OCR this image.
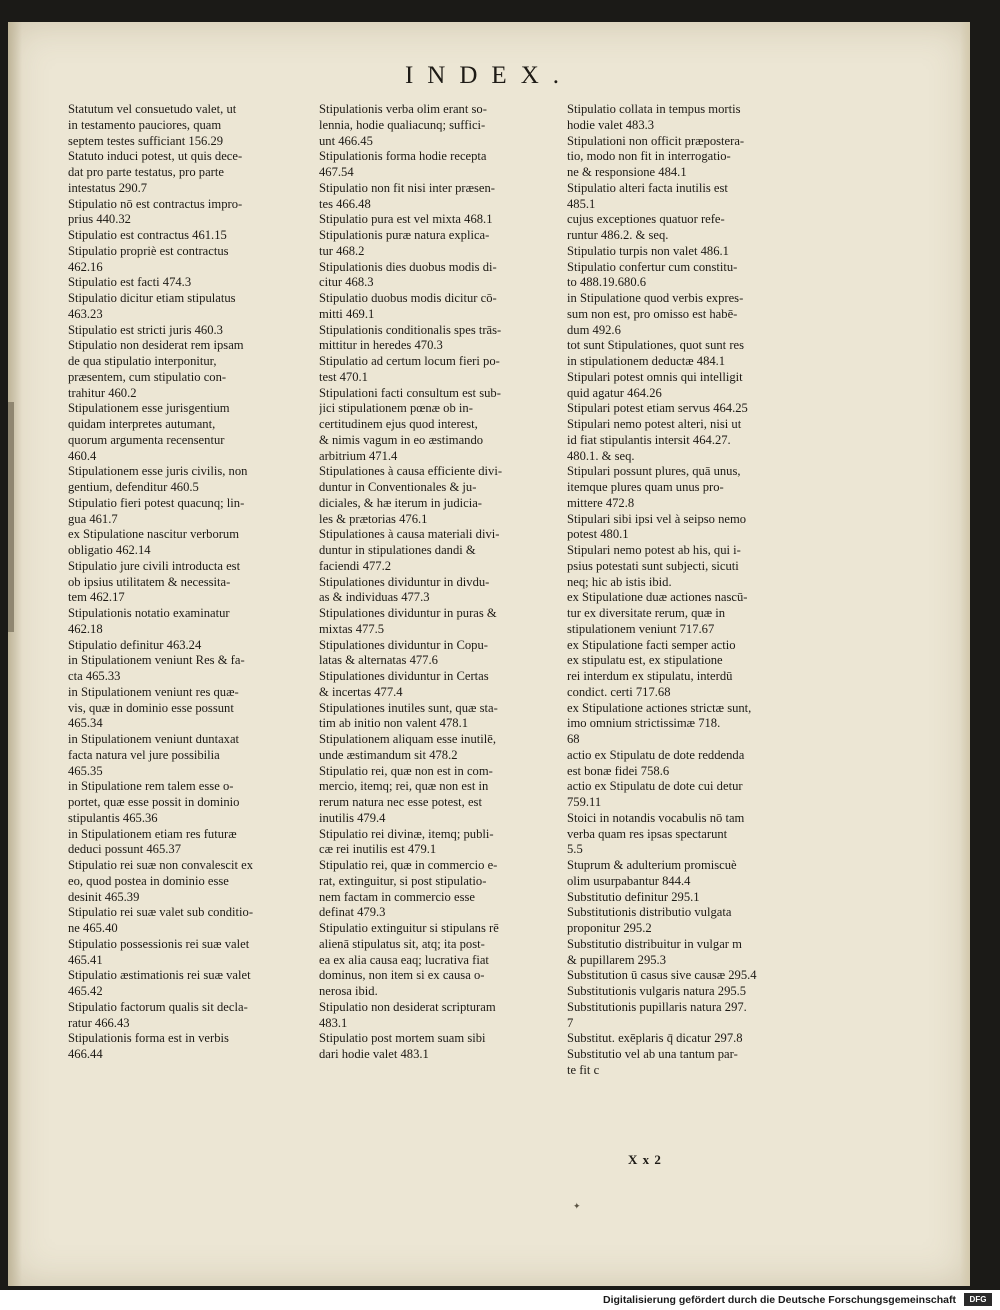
INDEX.
Statutum vel consuetudo valet, ut
in testamento pauciores, quam
septem testes sufficiant 156.29
Statuto induci potest, ut quis dece-
dat pro parte testatus, pro parte
intestatus 290.7
Stipulatio nō est contractus impro-
prius 440.32
Stipulatio est contractus 461.15
Stipulatio propriè est contractus
462.16
Stipulatio est facti 474.3
Stipulatio dicitur etiam stipulatus
463.23
Stipulatio est stricti juris 460.3
Stipulatio non desiderat rem ipsam
de qua stipulatio interponitur,
præsentem, cum stipulatio con-
trahitur 460.2
Stipulationem esse jurisgentium
quidam interpretes autumant,
quorum argumenta recensentur
460.4
Stipulationem esse juris civilis, non
gentium, defenditur 460.5
Stipulatio fieri potest quacunq; lin-
gua 461.7
ex Stipulatione nascitur verborum
obligatio 462.14
Stipulatio jure civili introducta est
ob ipsius utilitatem & necessita-
tem 462.17
Stipulationis notatio examinatur
462.18
Stipulatio definitur 463.24
in Stipulationem veniunt Res & fa-
cta 465.33
in Stipulationem veniunt res quæ-
vis, quæ in dominio esse possunt
465.34
in Stipulationem veniunt duntaxat
facta natura vel jure possibilia
465.35
in Stipulatione rem talem esse o-
portet, quæ esse possit in dominio
stipulantis 465.36
in Stipulationem etiam res futuræ
deduci possunt 465.37
Stipulatio rei suæ non convalescit ex
eo, quod postea in dominio esse
desinit 465.39
Stipulatio rei suæ valet sub conditio-
ne 465.40
Stipulatio possessionis rei suæ valet
465.41
Stipulatio æstimationis rei suæ valet
465.42
Stipulatio factorum qualis sit decla-
ratur 466.43
Stipulationis forma est in verbis
466.44
Stipulationis verba olim erant so-
lennia, hodie qualiacunq; suffici-
unt 466.45
Stipulationis forma hodie recepta
467.54
Stipulatio non fit nisi inter præsen-
tes 466.48
Stipulatio pura est vel mixta 468.1
Stipulationis puræ natura explica-
tur 468.2
Stipulationis dies duobus modis di-
citur 468.3
Stipulatio duobus modis dicitur cō-
mitti 469.1
Stipulationis conditionalis spes trās-
mittitur in heredes 470.3
Stipulatio ad certum locum fieri po-
test 470.1
Stipulationi facti consultum est sub-
jici stipulationem pœnæ ob in-
certitudinem ejus quod interest,
& nimis vagum in eo æstimando
arbitrium 471.4
Stipulationes à causa efficiente divi-
duntur in Conventionales & ju-
diciales, & hæ iterum in judicia-
les & prætorias 476.1
Stipulationes à causa materiali divi-
duntur in stipulationes dandi &
faciendi 477.2
Stipulationes dividuntur in divdu-
as & individuas 477.3
Stipulationes dividuntur in puras &
mixtas 477.5
Stipulationes dividuntur in Copu-
latas & alternatas 477.6
Stipulationes dividuntur in Certas
& incertas 477.4
Stipulationes inutiles sunt, quæ sta-
tim ab initio non valent 478.1
Stipulationem aliquam esse inutilē,
unde æstimandum sit 478.2
Stipulatio rei, quæ non est in com-
mercio, itemq; rei, quæ non est in
rerum natura nec esse potest, est
inutilis 479.4
Stipulatio rei divinæ, itemq; publi-
cæ rei inutilis est 479.1
Stipulatio rei, quæ in commercio e-
rat, extinguitur, si post stipulatio-
nem factam in commercio esse
definat 479.3
Stipulatio extinguitur si stipulans rē
alienā stipulatus sit, atq; ita post-
ea ex alia causa eaq; lucrativa fiat
dominus, non item si ex causa o-
nerosa ibid.
Stipulatio non desiderat scripturam
483.1
Stipulatio post mortem suam sibi
dari hodie valet 483.1
Stipulatio collata in tempus mortis
hodie valet 483.3
Stipulationi non officit præpostera-
tio, modo non fit in interrogatio-
ne & responsione 484.1
Stipulatio alteri facta inutilis est
485.1
cujus exceptiones quatuor refe-
runtur 486.2. & seq.
Stipulatio turpis non valet 486.1
Stipulatio confertur cum constitu-
to 488.19.680.6
in Stipulatione quod verbis expres-
sum non est, pro omisso est habē-
dum 492.6
tot sunt Stipulationes, quot sunt res
in stipulationem deductæ 484.1
Stipulari potest omnis qui intelligit
quid agatur 464.26
Stipulari potest etiam servus 464.25
Stipulari nemo potest alteri, nisi ut
id fiat stipulantis intersit 464.27.
480.1. & seq.
Stipulari possunt plures, quā unus,
itemque plures quam unus pro-
mittere 472.8
Stipulari sibi ipsi vel à seipso nemo
potest 480.1
Stipulari nemo potest ab his, qui i-
psius potestati sunt subjecti, sicuti
neq; hic ab istis ibid.
ex Stipulatione duæ actiones nascū-
tur ex diversitate rerum, quæ in
stipulationem veniunt 717.67
ex Stipulatione facti semper actio
ex stipulatu est, ex stipulatione
rei interdum ex stipulatu, interdū
condict. certi 717.68
ex Stipulatione actiones strictæ sunt,
imo omnium strictissimæ 718.
68
actio ex Stipulatu de dote reddenda
est bonæ fidei 758.6
actio ex Stipulatu de dote cui detur
759.11
Stoici in notandis vocabulis nō tam
verba quam res ipsas spectarunt
5.5
Stuprum & adulterium promiscuè
olim usurpabantur 844.4
Substitutio definitur 295.1
Substitutionis distributio vulgata
proponitur 295.2
Substitutio distribuitur in vulgar m
& pupillarem 295.3
Substitution ū casus sive causæ 295.4
Substitutionis vulgaris natura 295.5
Substitutionis pupillaris natura 297.
7
Substitut. exēplaris q̄ dicatur 297.8
Substitutio vel ab una tantum par-
te fit c
X x 2
✦
Digitalisierung gefördert durch die Deutsche Forschungsgemeinschaft	DFG
